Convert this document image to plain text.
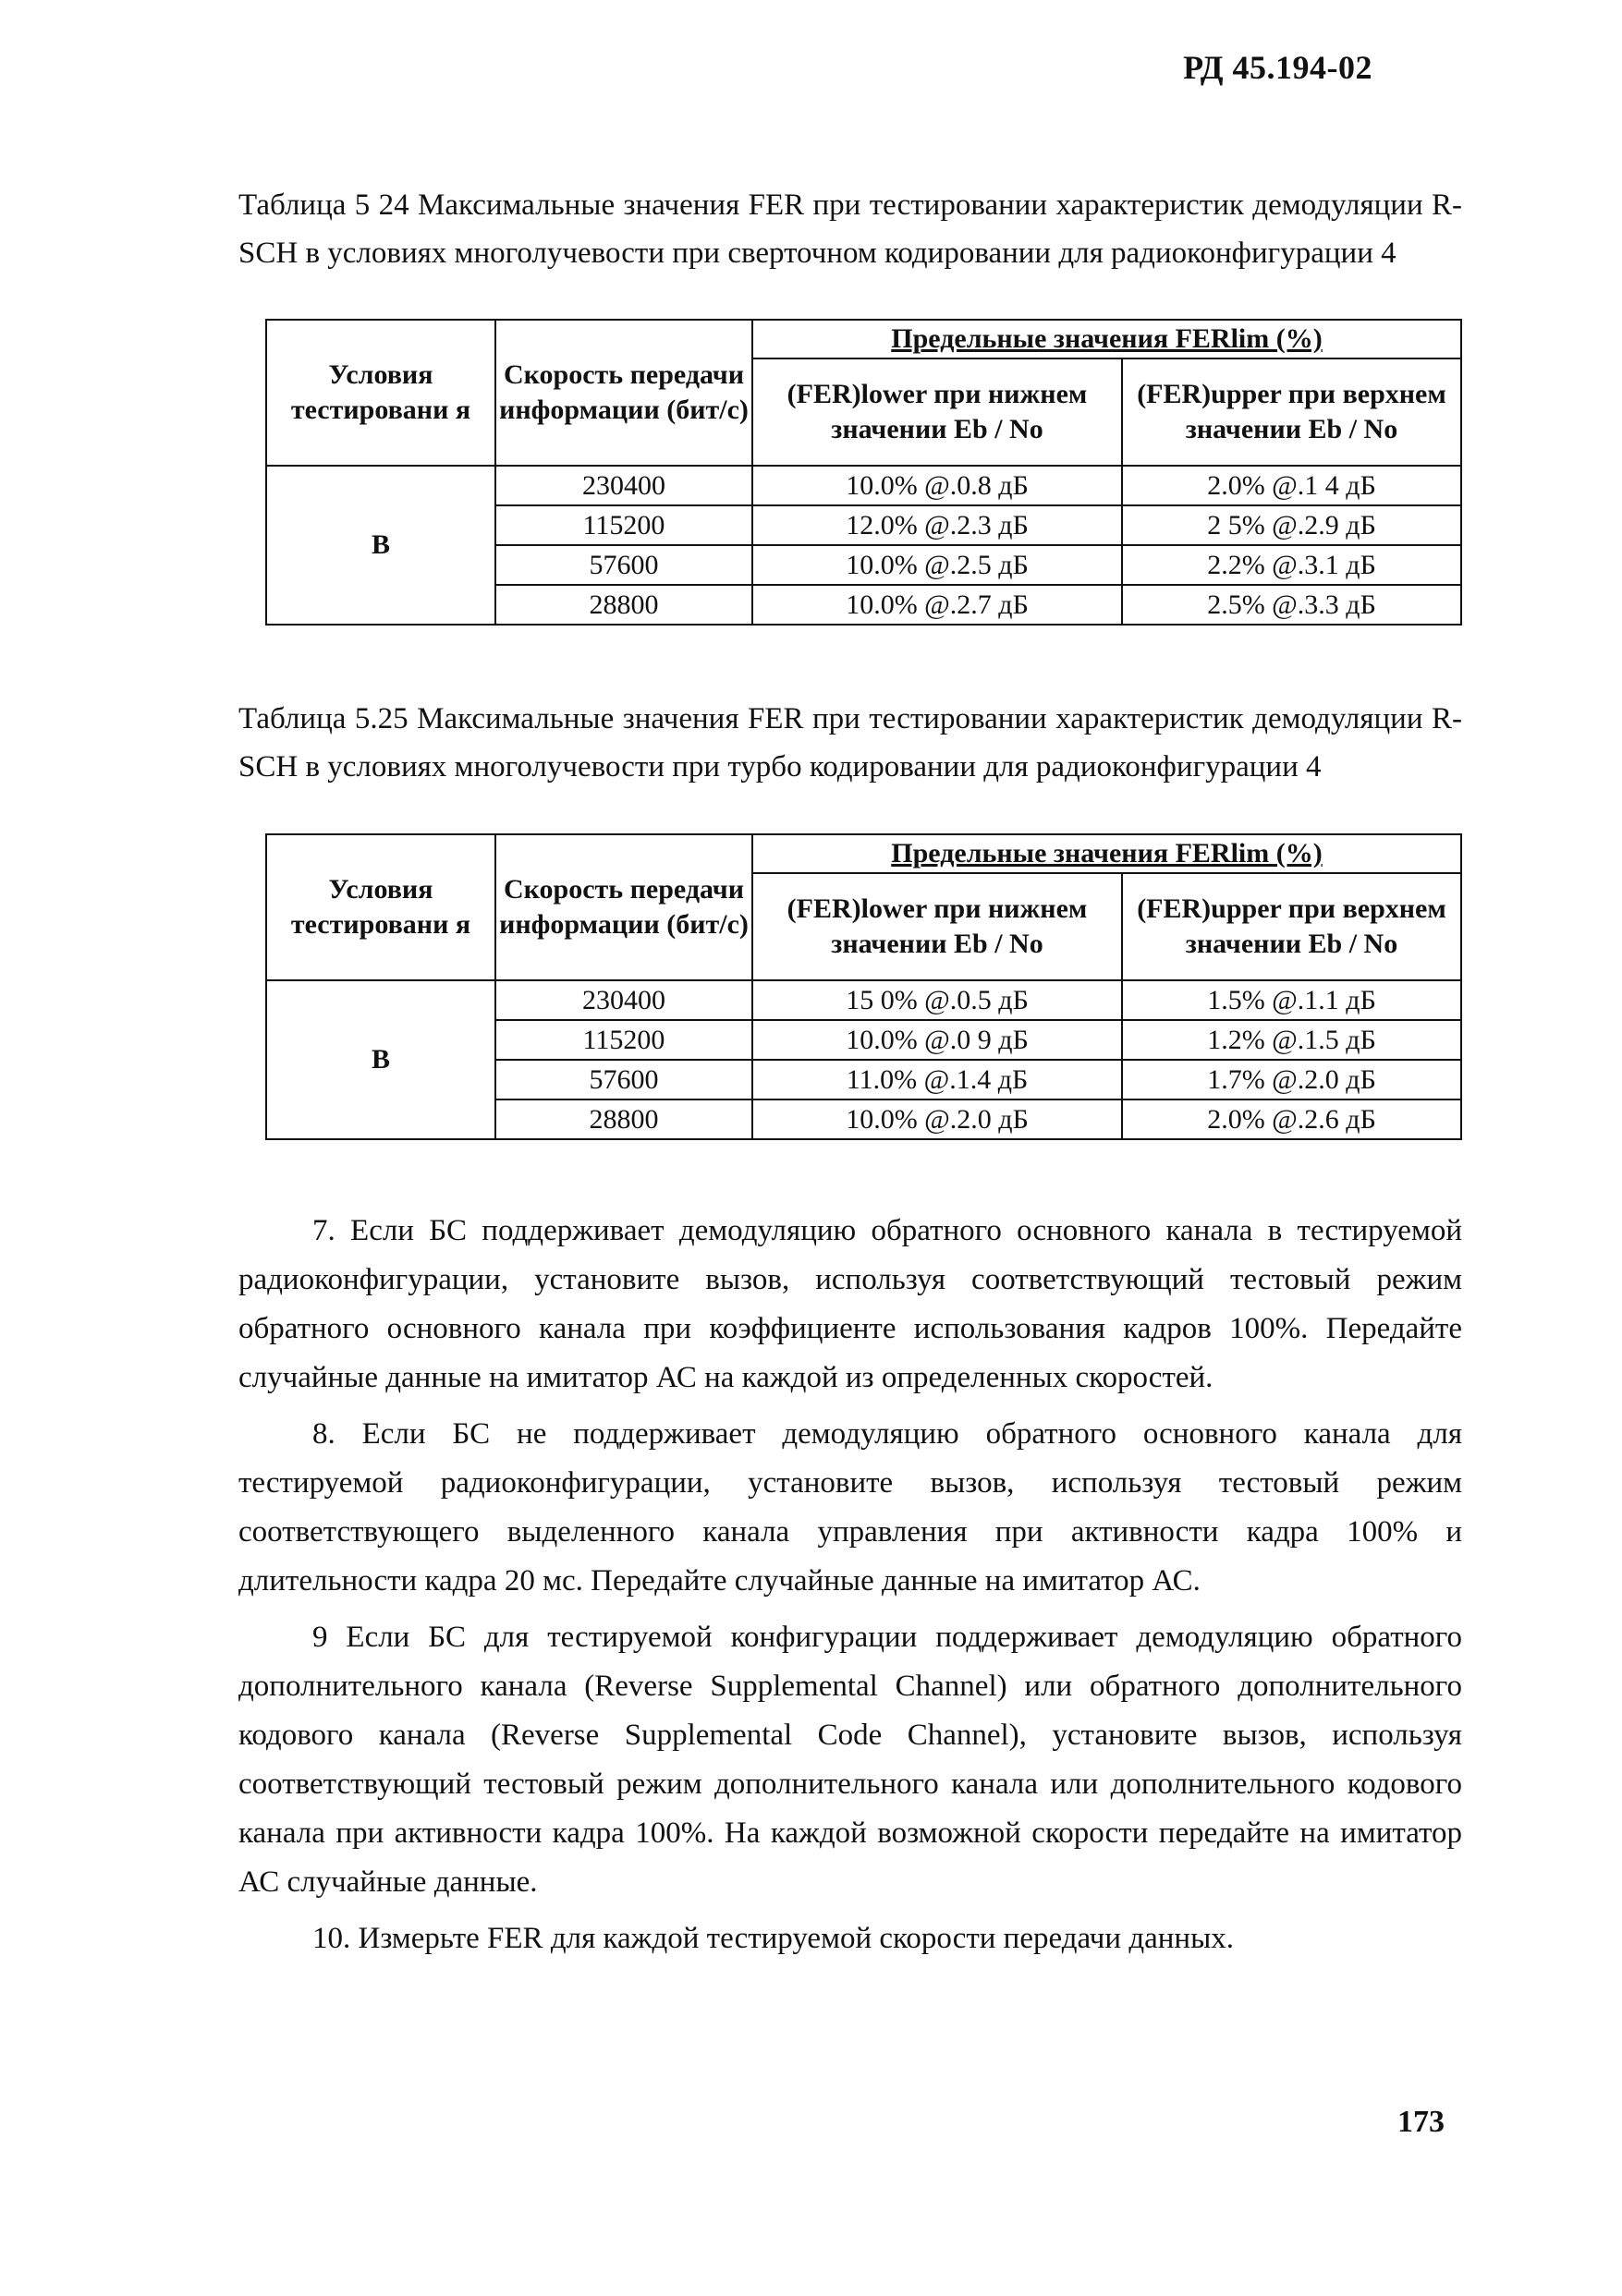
РД 45.194-02
Таблица 5 24 Максимальные значения FER при тестировании характеристик демодуляции R-SCH в условиях многолучевости при сверточном кодировании для радиоконфигурации 4
Условия тестировани я	Скорость передачи информации (бит/с)	Предельные значения FERlim (%)	
		(FER)lower при нижнем значении Eb / No	(FER)upper при верхнем значении Eb / No

В	230400	10.0% @.0.8 дБ	2.0% @.1 4 дБ
	115200	12.0% @.2.3 дБ	2 5% @.2.9 дБ
	57600	10.0% @.2.5 дБ	2.2% @.3.1 дБ
	28800	10.0% @.2.7 дБ	2.5% @.3.3 дБ
Таблица 5.25 Максимальные значения FER при тестировании характеристик демодуляции R-SCH в условиях многолучевости при турбо кодировании для радиоконфигурации 4
Условия тестировани я	Скорость передачи информации (бит/с)	Предельные значения FERlim (%)	
		(FER)lower при нижнем значении Eb / No	(FER)upper при верхнем значении Eb / No

В	230400	15 0% @.0.5 дБ	1.5% @.1.1 дБ
	115200	10.0% @.0 9 дБ	1.2% @.1.5 дБ
	57600	11.0% @.1.4 дБ	1.7% @.2.0 дБ
	28800	10.0% @.2.0 дБ	2.0% @.2.6 дБ

7. Если БС поддерживает демодуляцию обратного основного канала в тестируемой радиоконфигурации, установите вызов, используя соответствующий тестовый режим обратного основного канала при коэффициенте использования кадров 100%. Передайте случайные данные на имитатор АС на каждой из определенных скоростей.

8. Если БС не поддерживает демодуляцию обратного основного канала для тестируемой радиоконфигурации, установите вызов, используя тестовый режим соответствующего выделенного канала управления при активности кадра 100% и длительности кадра 20 мс. Передайте случайные данные на имитатор АС.

9 Если БС для тестируемой конфигурации поддерживает демодуляцию обратного дополнительного канала (Reverse Supplemental Channel) или обратного дополнительного кодового канала (Reverse Supplemental Code Channel), установите вызов, используя соответствующий тестовый режим дополнительного канала или дополнительного кодового канала при активности кадра 100%. На каждой возможной скорости передайте на имитатор АС случайные данные.

10. Измерьте FER для каждой тестируемой скорости передачи данных.

173
